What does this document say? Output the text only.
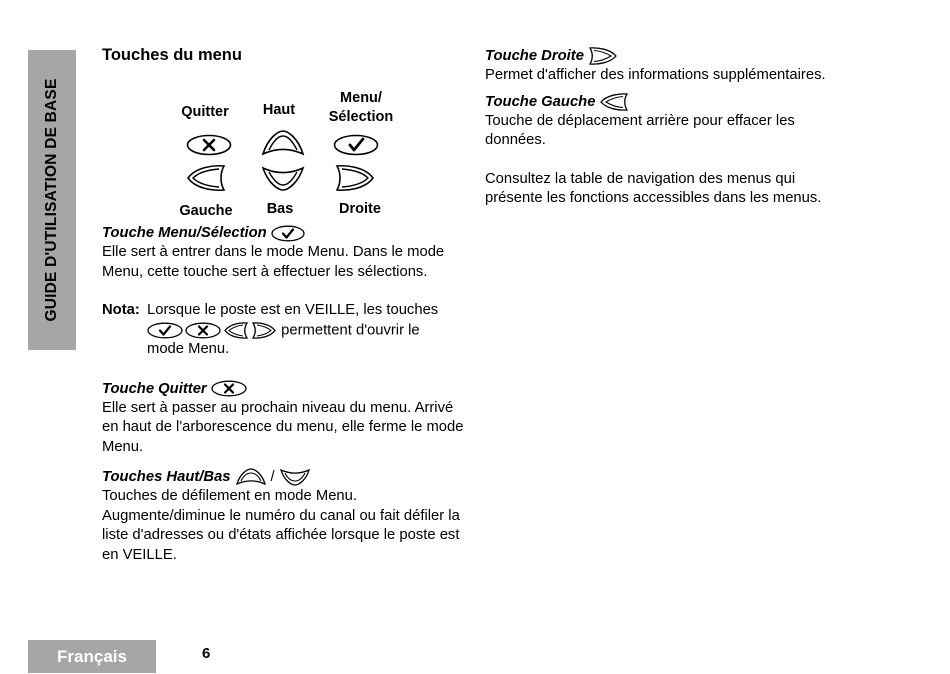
GUIDE D'UTILISATION DE BASE
Touches du menu
Quitter	Haut
Menu/
Sélection
Gauche	Bas	Droite
Touche Menu/Sélection
Elle sert à entrer dans le mode Menu. Dans le mode Menu, cette touche sert à effectuer les sélections.
Nota: Lorsque le poste est en VEILLE, les touches
permettent d'ouvrir le
mode Menu.
Touche Quitter
Elle sert à passer au prochain niveau du menu. Arrivé en haut de l'arborescence du menu, elle ferme le mode Menu.
Touches Haut/Bas	/
Touches de défilement en mode Menu. Augmente/diminue le numéro du canal ou fait défiler la liste d'adresses ou d'états affichée lorsque le poste est en VEILLE.
Touche Droite
Permet d'afficher des informations supplémentaires.
Touche Gauche
Touche de déplacement arrière pour effacer les données.
Consultez la table de navigation des menus qui présente les fonctions accessibles dans les menus.
Français	6
